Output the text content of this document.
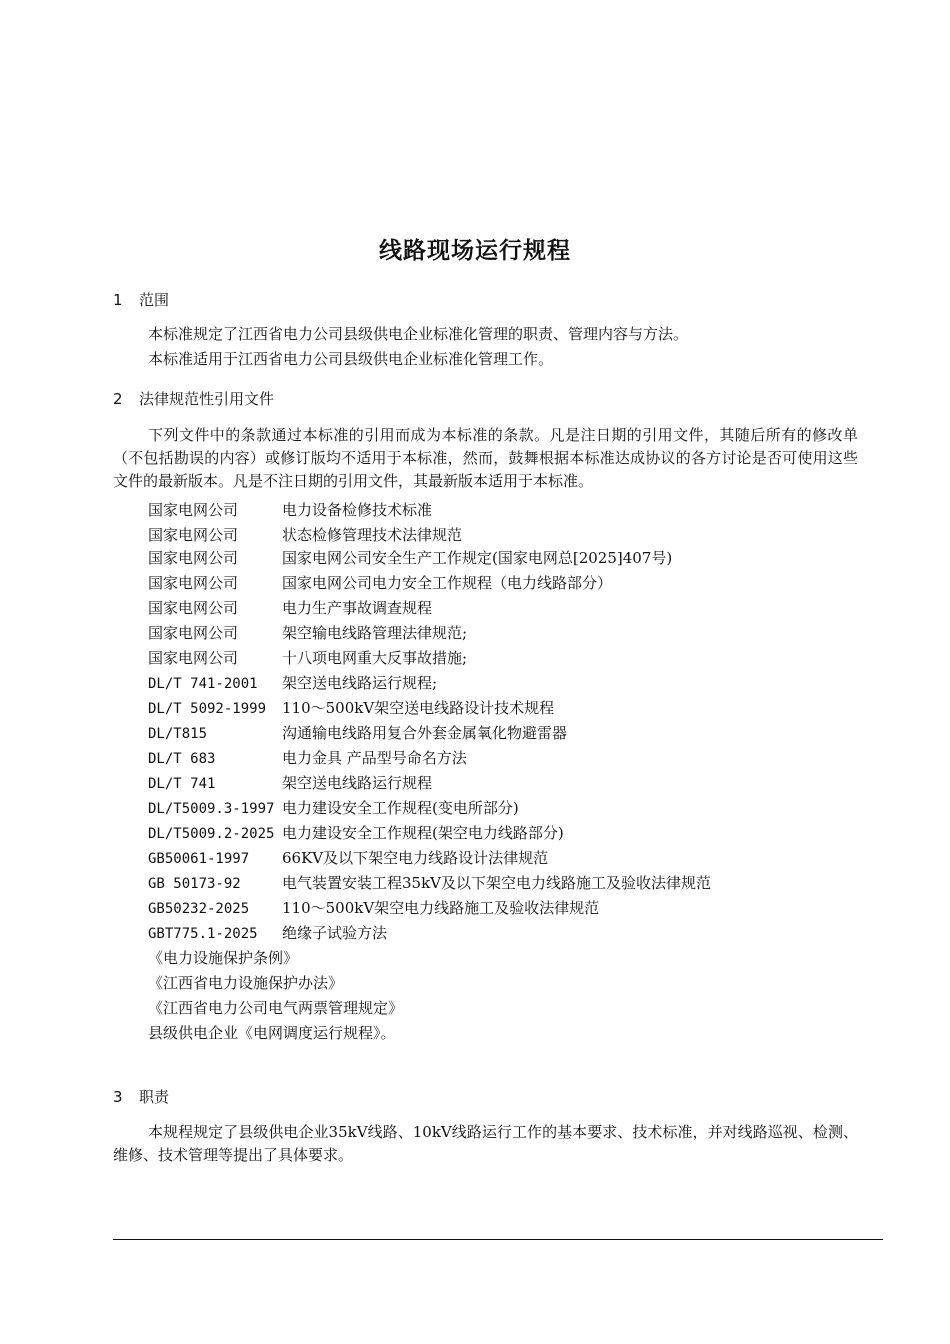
线路现场运行规程
1 范围
本标准规定了江西省电力公司县级供电企业标准化管理的职责、管理内容与方法。
本标准适用于江西省电力公司县级供电企业标准化管理工作。
2 法律规范性引用文件
下列文件中的条款通过本标准的引用而成为本标准的条款。凡是注日期的引用文件，其随后所有的修改单（不包括勘误的内容）或修订版均不适用于本标准，然而，鼓舞根据本标准达成协议的各方讨论是否可使用这些文件的最新版本。凡是不注日期的引用文件，其最新版本适用于本标准。
国家电网公司	电力设备检修技术标准
国家电网公司	状态检修管理技术法律规范
国家电网公司	国家电网公司安全生产工作规定(国家电网总[2025]407号)
国家电网公司	国家电网公司电力安全工作规程（电力线路部分）
国家电网公司	电力生产事故调查规程
国家电网公司	架空输电线路管理法律规范;
国家电网公司	十八项电网重大反事故措施;
DL/T 741-2001 架空送电线路运行规程;
DL/T 5092-1999 110～500kV架空送电线路设计技术规程
DL/T815	沟通输电线路用复合外套金属氧化物避雷器
DL/T 683	电力金具 产品型号命名方法
DL/T 741	架空送电线路运行规程
DL/T5009.3-1997 电力建设安全工作规程(变电所部分)
DL/T5009.2-2025 电力建设安全工作规程(架空电力线路部分)
GB50061-1997 66KV及以下架空电力线路设计法律规范
GB 50173-92	电气装置安装工程35kV及以下架空电力线路施工及验收法律规范
GB50232-2025 110～500kV架空电力线路施工及验收法律规范
GBT775.1-2025 绝缘子试验方法
《电力设施保护条例》
《江西省电力设施保护办法》
《江西省电力公司电气两票管理规定》
县级供电企业《电网调度运行规程》。
3 职责
本规程规定了县级供电企业35kV线路、10kV线路运行工作的基本要求、技术标准，并对线路巡视、检测、维修、技术管理等提出了具体要求。
